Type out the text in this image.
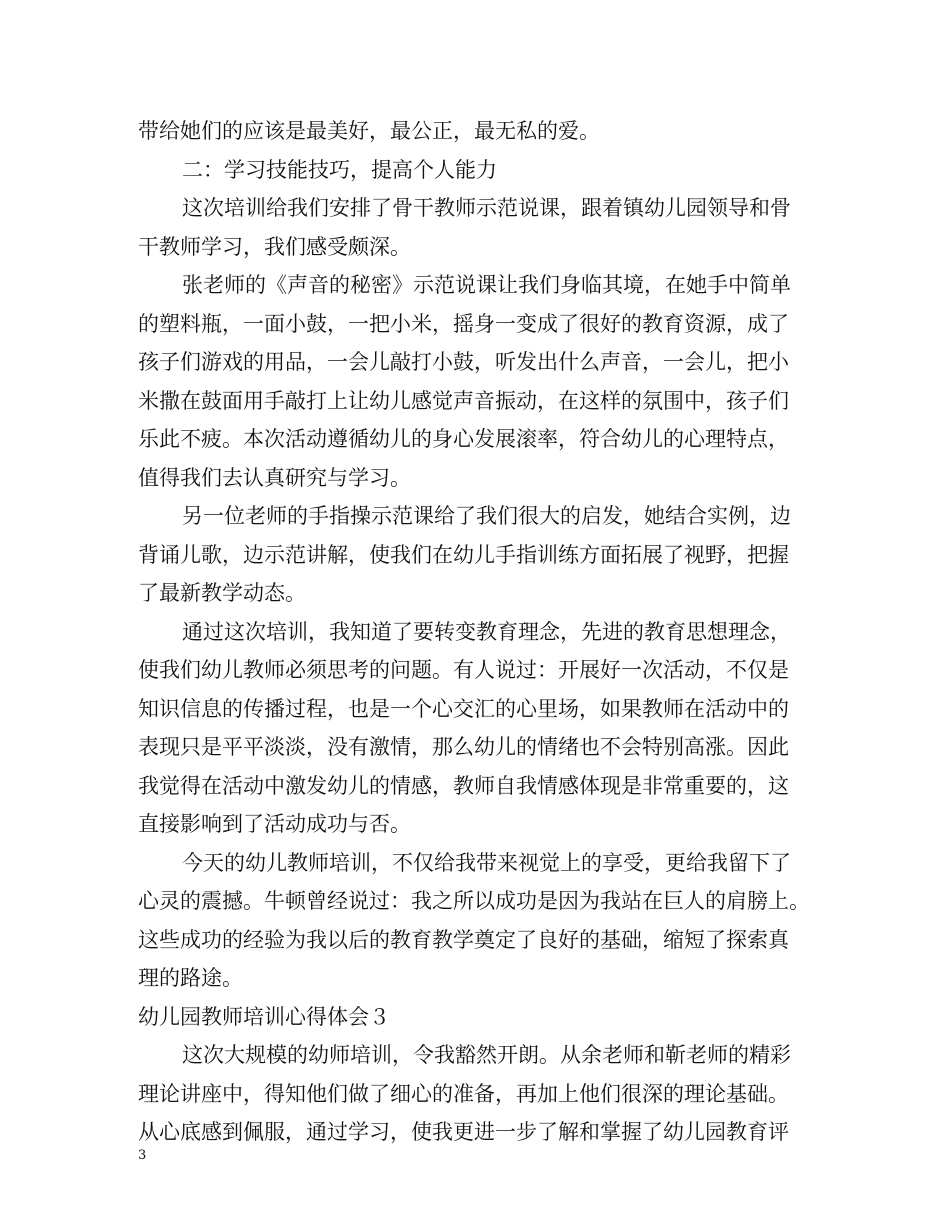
带给她们的应该是最美好，最公正，最无私的爱。
二：学习技能技巧，提高个人能力
这次培训给我们安排了骨干教师示范说课，跟着镇幼儿园领导和骨
干教师学习，我们感受颇深。
张老师的《声音的秘密》示范说课让我们身临其境，在她手中简单
的塑料瓶，一面小鼓，一把小米，摇身一变成了很好的教育资源，成了
孩子们游戏的用品，一会儿敲打小鼓，听发出什么声音，一会儿，把小
米撒在鼓面用手敲打上让幼儿感觉声音振动，在这样的氛围中，孩子们
乐此不疲。本次活动遵循幼儿的身心发展滚率，符合幼儿的心理特点，
值得我们去认真研究与学习。
另一位老师的手指操示范课给了我们很大的启发，她结合实例，边
背诵儿歌，边示范讲解，使我们在幼儿手指训练方面拓展了视野，把握
了最新教学动态。
通过这次培训，我知道了要转变教育理念，先进的教育思想理念，
使我们幼儿教师必须思考的问题。有人说过：开展好一次活动，不仅是
知识信息的传播过程，也是一个心交汇的心里场，如果教师在活动中的
表现只是平平淡淡，没有激情，那么幼儿的情绪也不会特别高涨。因此
我觉得在活动中激发幼儿的情感，教师自我情感体现是非常重要的，这
直接影响到了活动成功与否。
今天的幼儿教师培训，不仅给我带来视觉上的享受，更给我留下了
心灵的震撼。牛顿曾经说过：我之所以成功是因为我站在巨人的肩膀上。
这些成功的经验为我以后的教育教学奠定了良好的基础，缩短了探索真
理的路途。
幼儿园教师培训心得体会３
这次大规模的幼师培训，令我豁然开朗。从余老师和靳老师的精彩
理论讲座中，得知他们做了细心的准备，再加上他们很深的理论基础。
从心底感到佩服，通过学习，使我更进一步了解和掌握了幼儿园教育评
3
